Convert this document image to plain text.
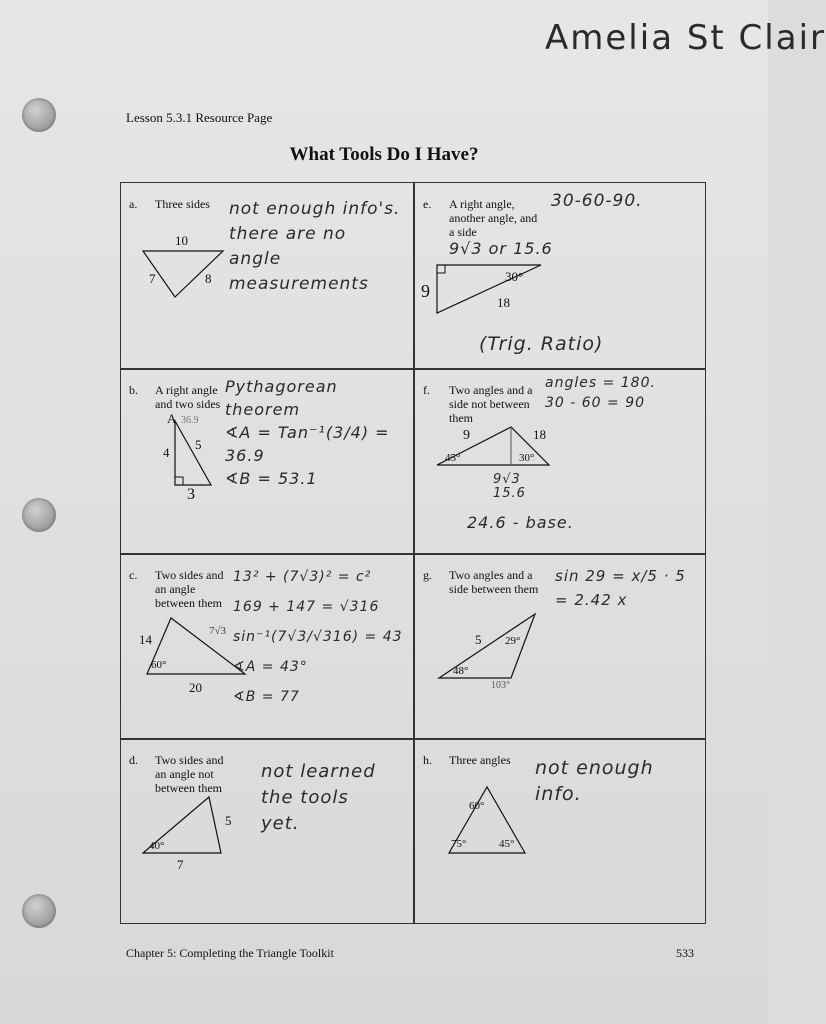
Amelia St Clair
Lesson 5.3.1 Resource Page
What Tools Do I Have?
a. Three sides
10
7	8
not enough info's.
there are no
angle
measurements
e. A right angle,
another angle, and
a side
30-60-90.
9√3 or 15.6
30°
18
9
(Trig. Ratio)
b. A right angle
and two sides
A 36.9
4
5
3
Pythagorean
theorem
∢A = Tan⁻¹(3/4) =
36.9
∢B = 53.1
f. Two angles and a
side not between
them
angles = 180.
30 - 60 = 90
45°	30°
18
9
9√3
15.6
24.6 - base.
c. Two sides and
an angle
between them
14
60°
20
7√3
13² + (7√3)² = c²
169 + 147 = √316
sin⁻¹(7√3/√316) = 43
∢A = 43°
∢B = 77
g. Two angles and a
side between them
5 29°
48°
103°
sin 29 = x/5 · 5
= 2.42 x
d. Two sides and
an angle not
between them
5
40°
7
not learned
the tools
yet.
h. Three angles
60°
75°	45°
not enough
info.
Chapter 5: Completing the Triangle Toolkit	533
